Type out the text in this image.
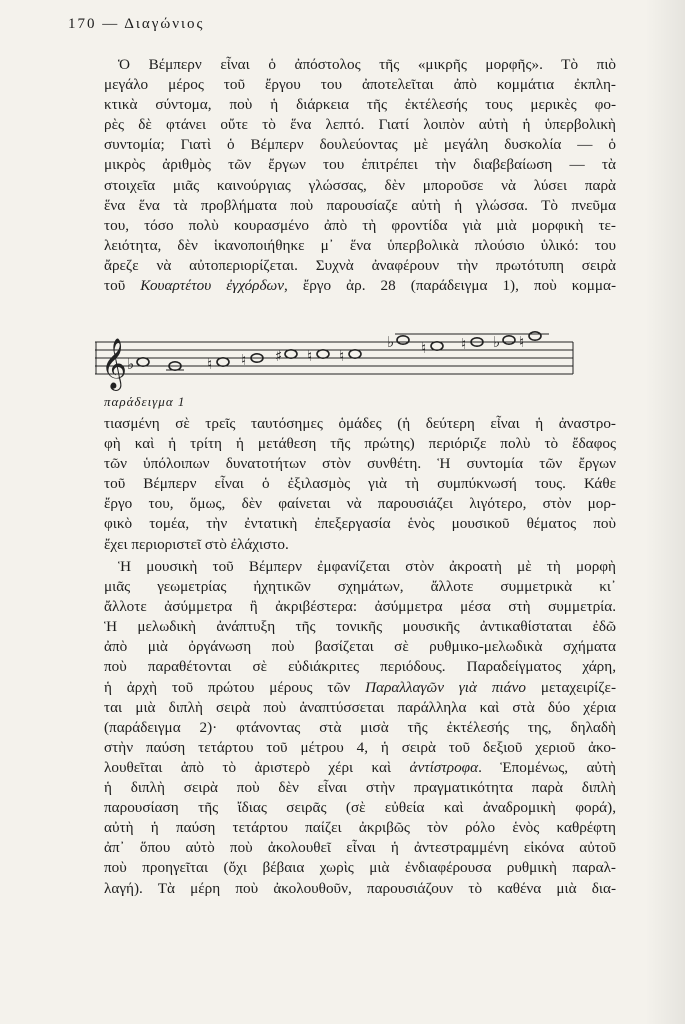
170 — Διαγώνιος
Ὁ Βέμπερν εἶναι ὁ ἀπόστολος τῆς «μικρῆς μορφῆς». Τὸ πιὸ
μεγάλο μέρος τοῦ ἔργου του ἀποτελεῖται ἀπὸ κομμάτια ἐκπλη-
κτικὰ σύντομα, ποὺ ἡ διάρκεια τῆς ἐκτέλεσής τους μερικὲς φο-
ρὲς δὲ φτάνει οὔτε τὸ ἕνα λεπτό. Γιατί λοιπὸν αὐτὴ ἡ ὑπερβολικὴ
συντομία; Γιατὶ ὁ Βέμπερν δουλεύοντας μὲ μεγάλη δυσκολία — ὁ
μικρὸς ἀριθμὸς τῶν ἔργων του ἐπιτρέπει τὴν διαβεβαίωση — τὰ
στοιχεῖα μιᾶς καινούργιας γλώσσας, δὲν μποροῦσε νὰ λύσει παρὰ
ἕνα ἕνα τὰ προβλήματα ποὺ παρουσίαζε αὐτὴ ἡ γλώσσα. Τὸ πνεῦμα
του, τόσο πολὺ κουρασμένο ἀπὸ τὴ φροντίδα γιὰ μιὰ μορφικὴ τε-
λειότητα, δὲν ἱκανοποιήθηκε μ᾽ ἕνα ὑπερβολικὰ πλούσιο ὑλικό: του
ἄρεζε νὰ αὐτοπεριορίζεται. Συχνὰ ἀναφέρουν τὴν πρωτότυπη σειρὰ
τοῦ Κουαρτέτου ἐγχόρδων, ἔργο ἀρ. 28 (παράδειγμα 1), ποὺ κομμα-
𝄞 ♭	♮ ♮ ♯ ♮ ♮
♭ ♮ ♮ ♭ ♮
παράδειγμα 1
τιασμένη σὲ τρεῖς ταυτόσημες ὁμάδες (ἡ δεύτερη εἶναι ἡ ἀναστρο-
φὴ καὶ ἡ τρίτη ἡ μετάθεση τῆς πρώτης) περιόριζε πολὺ τὸ ἔδαφος
τῶν ὑπόλοιπων δυνατοτήτων στὸν συνθέτη. Ἡ συντομία τῶν ἔργων
τοῦ Βέμπερν εἶναι ὁ ἐξιλασμὸς γιὰ τὴ συμπύκνωσή τους. Κάθε
ἔργο του, ὅμως, δὲν φαίνεται νὰ παρουσιάζει λιγότερο, στὸν μορ-
φικὸ τομέα, τὴν ἐντατικὴ ἐπεξεργασία ἑνὸς μουσικοῦ θέματος ποὺ
ἔχει περιοριστεῖ στὸ ἐλάχιστο.
Ἡ μουσικὴ τοῦ Βέμπερν ἐμφανίζεται στὸν ἀκροατὴ μὲ τὴ μορφὴ
μιᾶς γεωμετρίας ἠχητικῶν σχημάτων, ἄλλοτε συμμετρικὰ κι᾽
ἄλλοτε ἀσύμμετρα ἢ ἀκριβέστερα: ἀσύμμετρα μέσα στὴ συμμετρία.
Ἡ μελωδικὴ ἀνάπτυξη τῆς τονικῆς μουσικῆς ἀντικαθίσταται ἐδῶ
ἀπὸ μιὰ ὀργάνωση ποὺ βασίζεται σὲ ρυθμικο-μελωδικὰ σχήματα
ποὺ παραθέτονται σὲ εὐδιάκριτες περιόδους. Παραδείγματος χάρη,
ἡ ἀρχὴ τοῦ πρώτου μέρους τῶν Παραλλαγῶν γιὰ πιάνο μεταχειρίζε-
ται μιὰ διπλὴ σειρὰ ποὺ ἀναπτύσσεται παράλληλα καὶ στὰ δύο χέρια
(παράδειγμα 2)· φτάνοντας στὰ μισὰ τῆς ἐκτέλεσής της, δηλαδὴ
στὴν παύση τετάρτου τοῦ μέτρου 4, ἡ σειρὰ τοῦ δεξιοῦ χεριοῦ ἀκο-
λουθεῖται ἀπὸ τὸ ἀριστερὸ χέρι καὶ ἀντίστροφα. Ἑπομένως, αὐτὴ
ἡ διπλὴ σειρὰ ποὺ δὲν εἶναι στὴν πραγματικότητα παρὰ διπλὴ
παρουσίαση τῆς ἴδιας σειρᾶς (σὲ εὐθεία καὶ ἀναδρομικὴ φορά),
αὐτὴ ἡ παύση τετάρτου παίζει ἀκριβῶς τὸν ρόλο ἑνὸς καθρέφτη
ἀπ᾽ ὅπου αὐτὸ ποὺ ἀκολουθεῖ εἶναι ἡ ἀντεστραμμένη εἰκόνα αὐτοῦ
ποὺ προηγεῖται (ὄχι βέβαια χωρὶς μιὰ ἐνδιαφέρουσα ρυθμικὴ παραλ-
λαγή). Τὰ μέρη ποὺ ἀκολουθοῦν, παρουσιάζουν τὸ καθένα μιὰ δια-
